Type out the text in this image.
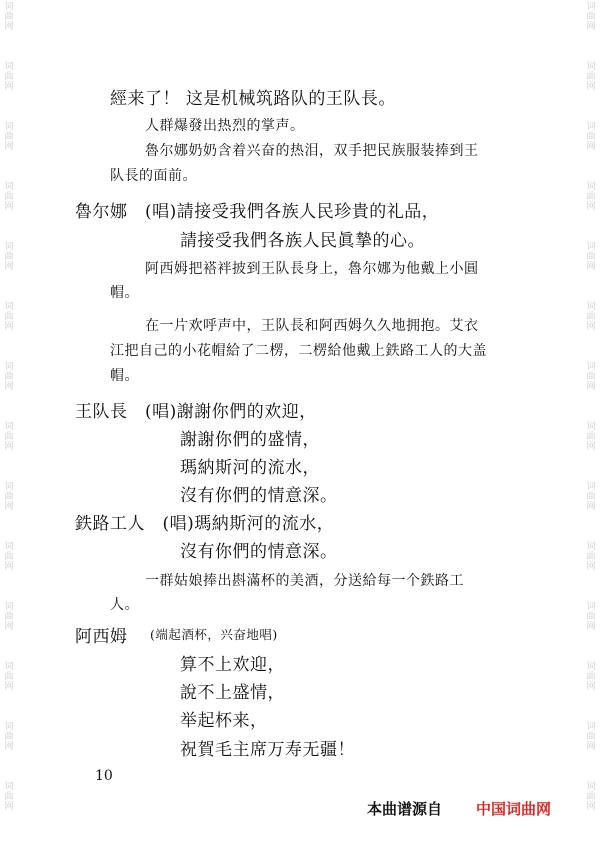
词
曲
网
词
曲
网
词
曲
网
词
曲
网
词
曲
网
词
曲
网
词
曲
网
词
曲
网
词
曲
网
词
曲
网
词
曲
网
词
曲
网
词
曲
网
词
曲
网
词
曲
网
词
曲
网
词
曲
网
词
曲
网
词
曲
网
词
曲
网
词
曲
网
词
曲
网
词
曲
网
词
曲
网
词
曲
网
词
曲
网
词
曲
网
词
曲
网
經来了！ 这是机械筑路队的王队長。
人群爆發出热烈的掌声。
魯尔娜奶奶含着兴奋的热泪，双手把民族服装捧到王
队長的面前。
魯尔娜　(唱)請接受我們各族人民珍貴的礼品，
請接受我們各族人民眞摯的心。
阿西姆把褡袢披到王队長身上，魯尔娜为他戴上小圓
帽。
在一片欢呼声中，王队長和阿西姆久久地拥抱。艾衣
江把自己的小花帽給了二楞，二楞給他戴上鉄路工人的大盖
帽。
王队長　(唱)謝謝你們的欢迎，
謝謝你們的盛情，
瑪納斯河的流水，
沒有你們的情意深。
鉄路工人　(唱)瑪納斯河的流水，
沒有你們的情意深。
一群姑娘捧出斟滿杯的美酒，分送給每一个鉄路工
人。
阿西姆 (端起酒杯，兴奋地唱)
算不上欢迎，
說不上盛情，
举起杯来，
祝賀毛主席万寿无疆！
10
本曲谱源自 中国词曲网
